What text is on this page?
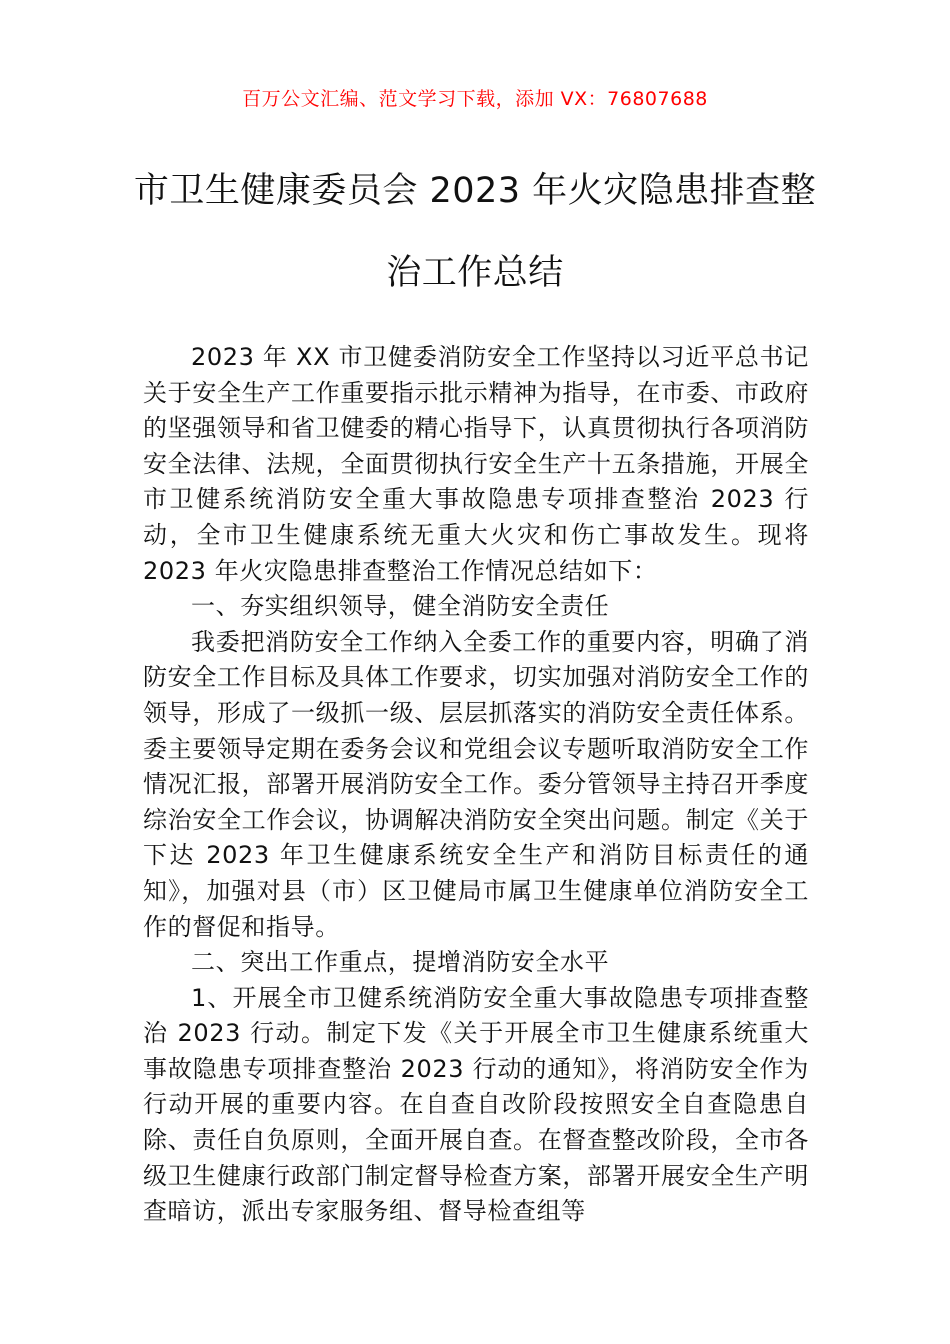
百万公文汇编、范文学习下载，添加 VX：76807688
市卫生健康委员会 2023 年火灾隐患排查整
治工作总结

2023 年 XX 市卫健委消防安全工作坚持以习近平总书记关于安全生产工作重要指示批示精神为指导，在市委、市政府的坚强领导和省卫健委的精心指导下，认真贯彻执行各项消防安全法律、法规，全面贯彻执行安全生产十五条措施，开展全市卫健系统消防安全重大事故隐患专项排查整治 2023 行动，全市卫生健康系统无重大火灾和伤亡事故发生。现将 2023 年火灾隐患排查整治工作情况总结如下：

一、夯实组织领导，健全消防安全责任

我委把消防安全工作纳入全委工作的重要内容，明确了消防安全工作目标及具体工作要求，切实加强对消防安全工作的领导，形成了一级抓一级、层层抓落实的消防安全责任体系。委主要领导定期在委务会议和党组会议专题听取消防安全工作情况汇报，部署开展消防安全工作。委分管领导主持召开季度综治安全工作会议，协调解决消防安全突出问题。制定《关于下达 2023 年卫生健康系统安全生产和消防目标责任的通知》，加强对县（市）区卫健局市属卫生健康单位消防安全工作的督促和指导。

二、突出工作重点，提增消防安全水平

1、开展全市卫健系统消防安全重大事故隐患专项排查整治 2023 行动。制定下发《关于开展全市卫生健康系统重大事故隐患专项排查整治 2023 行动的通知》，将消防安全作为行动开展的重要内容。在自查自改阶段按照安全自查隐患自除、责任自负原则，全面开展自查。在督查整改阶段，全市各级卫生健康行政部门制定督导检查方案，部署开展安全生产明查暗访，派出专家服务组、督导检查组等
